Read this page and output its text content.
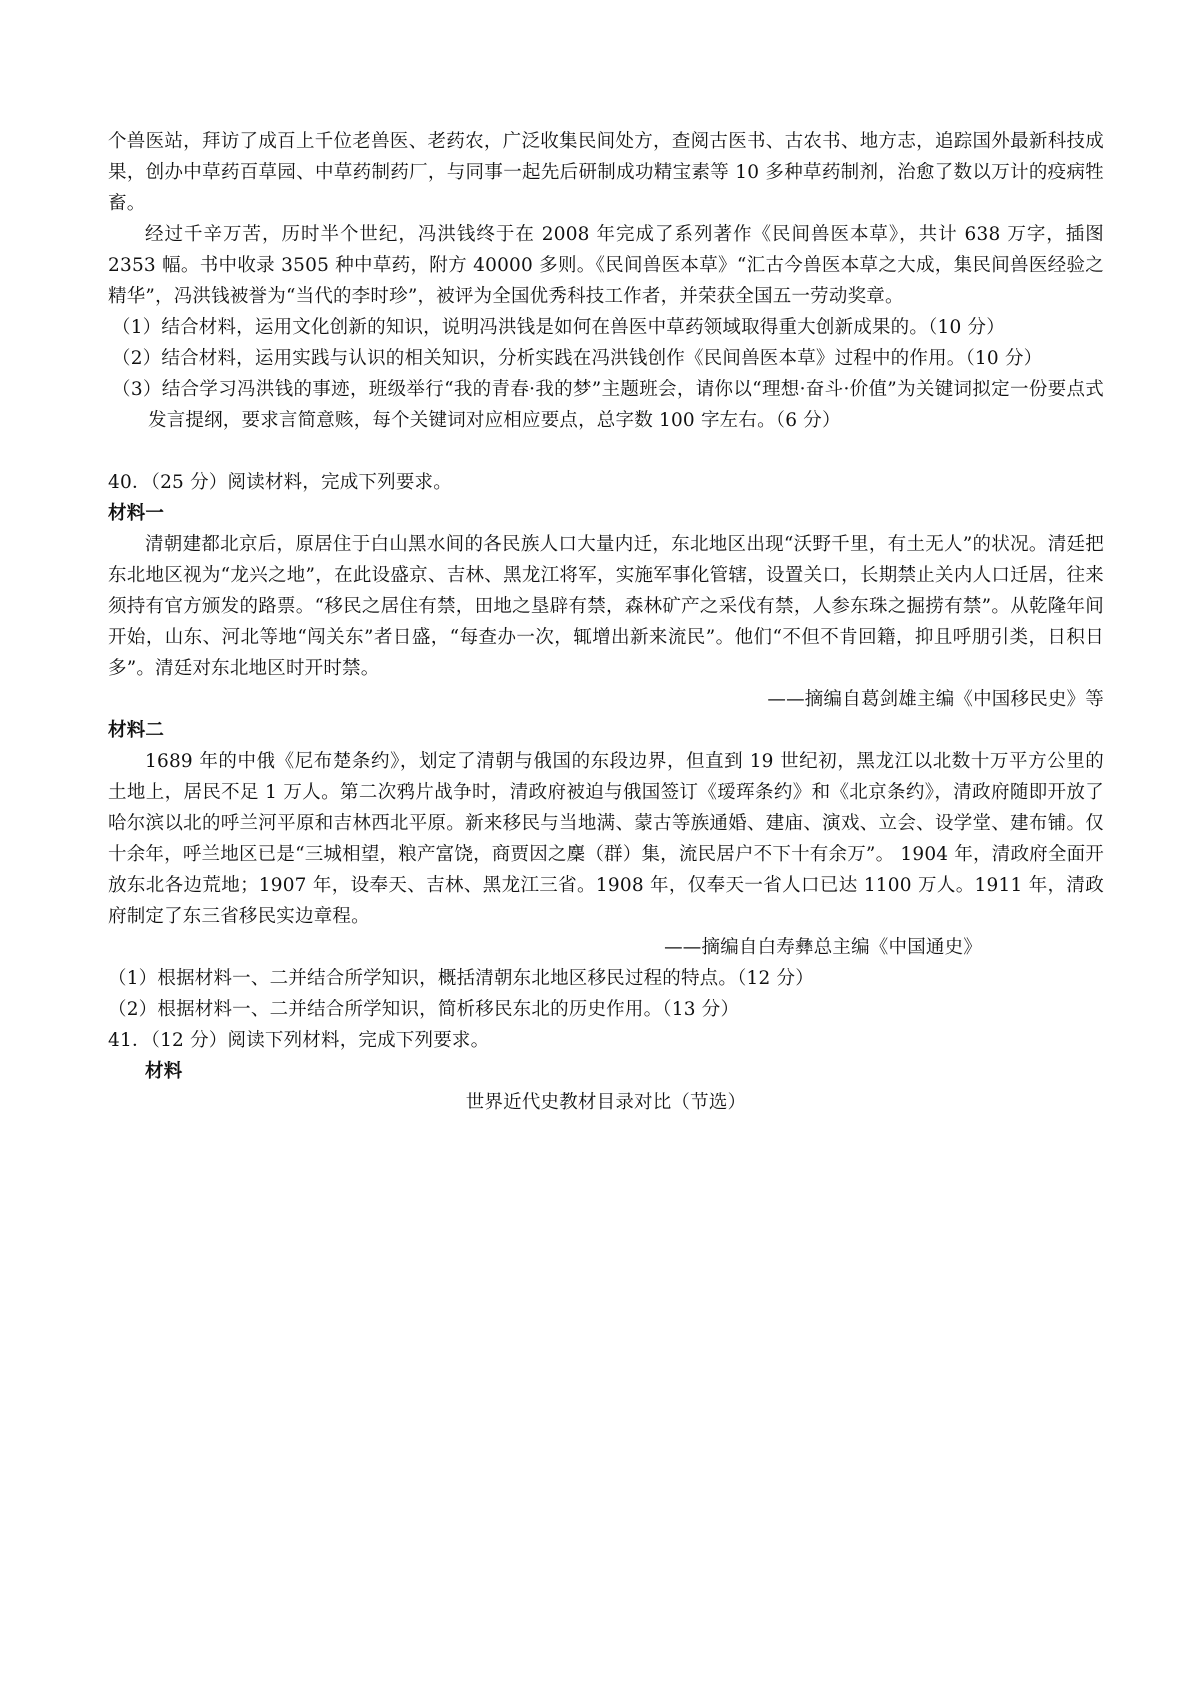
个兽医站，拜访了成百上千位老兽医、老药农，广泛收集民间处方，查阅古医书、古农书、地方志，追踪国外最新科技成果，创办中草药百草园、中草药制药厂，与同事一起先后研制成功精宝素等 10 多种草药制剂，治愈了数以万计的疫病牲畜。

经过千辛万苦，历时半个世纪，冯洪钱终于在 2008 年完成了系列著作《民间兽医本草》，共计 638 万字，插图 2353 幅。书中收录 3505 种中草药，附方 40000 多则。《民间兽医本草》“汇古今兽医本草之大成，集民间兽医经验之精华”，冯洪钱被誉为“当代的李时珍”，被评为全国优秀科技工作者，并荣获全国五一劳动奖章。

（1）结合材料，运用文化创新的知识，说明冯洪钱是如何在兽医中草药领域取得重大创新成果的。（10 分）

（2）结合材料，运用实践与认识的相关知识，分析实践在冯洪钱创作《民间兽医本草》过程中的作用。（10 分）

（3）结合学习冯洪钱的事迹，班级举行“我的青春·我的梦”主题班会，请你以“理想·奋斗·价值”为关键词拟定一份要点式发言提纲，要求言简意赅，每个关键词对应相应要点，总字数 100 字左右。（6 分）

40．（25 分）阅读材料，完成下列要求。

材料一

清朝建都北京后，原居住于白山黑水间的各民族人口大量内迁，东北地区出现“沃野千里，有土无人”的状况。清廷把东北地区视为“龙兴之地”，在此设盛京、吉林、黑龙江将军，实施军事化管辖，设置关口，长期禁止关内人口迁居，往来须持有官方颁发的路票。“移民之居住有禁，田地之垦辟有禁，森林矿产之采伐有禁，人参东珠之掘捞有禁”。从乾隆年间开始，山东、河北等地“闯关东”者日盛，“每查办一次，辄增出新来流民”。他们“不但不肯回籍，抑且呼朋引类，日积日多”。清廷对东北地区时开时禁。

——摘编自葛剑雄主编《中国移民史》等

材料二

1689 年的中俄《尼布楚条约》，划定了清朝与俄国的东段边界，但直到 19 世纪初，黑龙江以北数十万平方公里的土地上，居民不足 1 万人。第二次鸦片战争时，清政府被迫与俄国签订《瑷珲条约》和《北京条约》，清政府随即开放了哈尔滨以北的呼兰河平原和吉林西北平原。新来移民与当地满、蒙古等族通婚、建庙、演戏、立会、设学堂、建布铺。仅十余年，呼兰地区已是“三城相望，粮产富饶，商贾因之麇（群）集，流民居户不下十有余万”。 1904 年，清政府全面开放东北各边荒地；1907 年，设奉天、吉林、黑龙江三省。1908 年，仅奉天一省人口已达 1100 万人。1911 年，清政府制定了东三省移民实边章程。

——摘编自白寿彝总主编《中国通史》

（1）根据材料一、二并结合所学知识，概括清朝东北地区移民过程的特点。（12 分）

（2）根据材料一、二并结合所学知识，简析移民东北的历史作用。（13 分）

41．（12 分）阅读下列材料，完成下列要求。

材料

世界近代史教材目录对比（节选）
